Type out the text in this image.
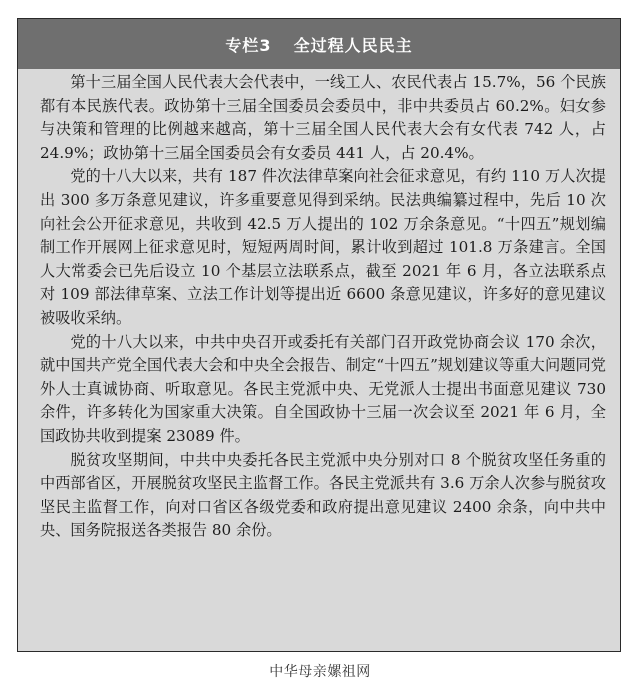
专栏3 全过程人民民主

第十三届全国人民代表大会代表中，一线工人、农民代表占 15.7%，56 个民族都有本民族代表。政协第十三届全国委员会委员中，非中共委员占 60.2%。妇女参与决策和管理的比例越来越高，第十三届全国人民代表大会有女代表 742 人，占 24.9%；政协第十三届全国委员会有女委员 441 人，占 20.4%。

党的十八大以来，共有 187 件次法律草案向社会征求意见，有约 110 万人次提出 300 多万条意见建议，许多重要意见得到采纳。民法典编纂过程中，先后 10 次向社会公开征求意见，共收到 42.5 万人提出的 102 万余条意见。“十四五”规划编制工作开展网上征求意见时，短短两周时间，累计收到超过 101.8 万条建言。全国人大常委会已先后设立 10 个基层立法联系点，截至 2021 年 6 月，各立法联系点对 109 部法律草案、立法工作计划等提出近 6600 条意见建议，许多好的意见建议被吸收采纳。

党的十八大以来，中共中央召开或委托有关部门召开政党协商会议 170 余次，就中国共产党全国代表大会和中央全会报告、制定“十四五”规划建议等重大问题同党外人士真诚协商、听取意见。各民主党派中央、无党派人士提出书面意见建议 730 余件，许多转化为国家重大决策。自全国政协十三届一次会议至 2021 年 6 月，全国政协共收到提案 23089 件。

脱贫攻坚期间，中共中央委托各民主党派中央分别对口 8 个脱贫攻坚任务重的中西部省区，开展脱贫攻坚民主监督工作。各民主党派共有 3.6 万余人次参与脱贫攻坚民主监督工作，向对口省区各级党委和政府提出意见建议 2400 余条，向中共中央、国务院报送各类报告 80 余份。

中华母亲嫘祖网
